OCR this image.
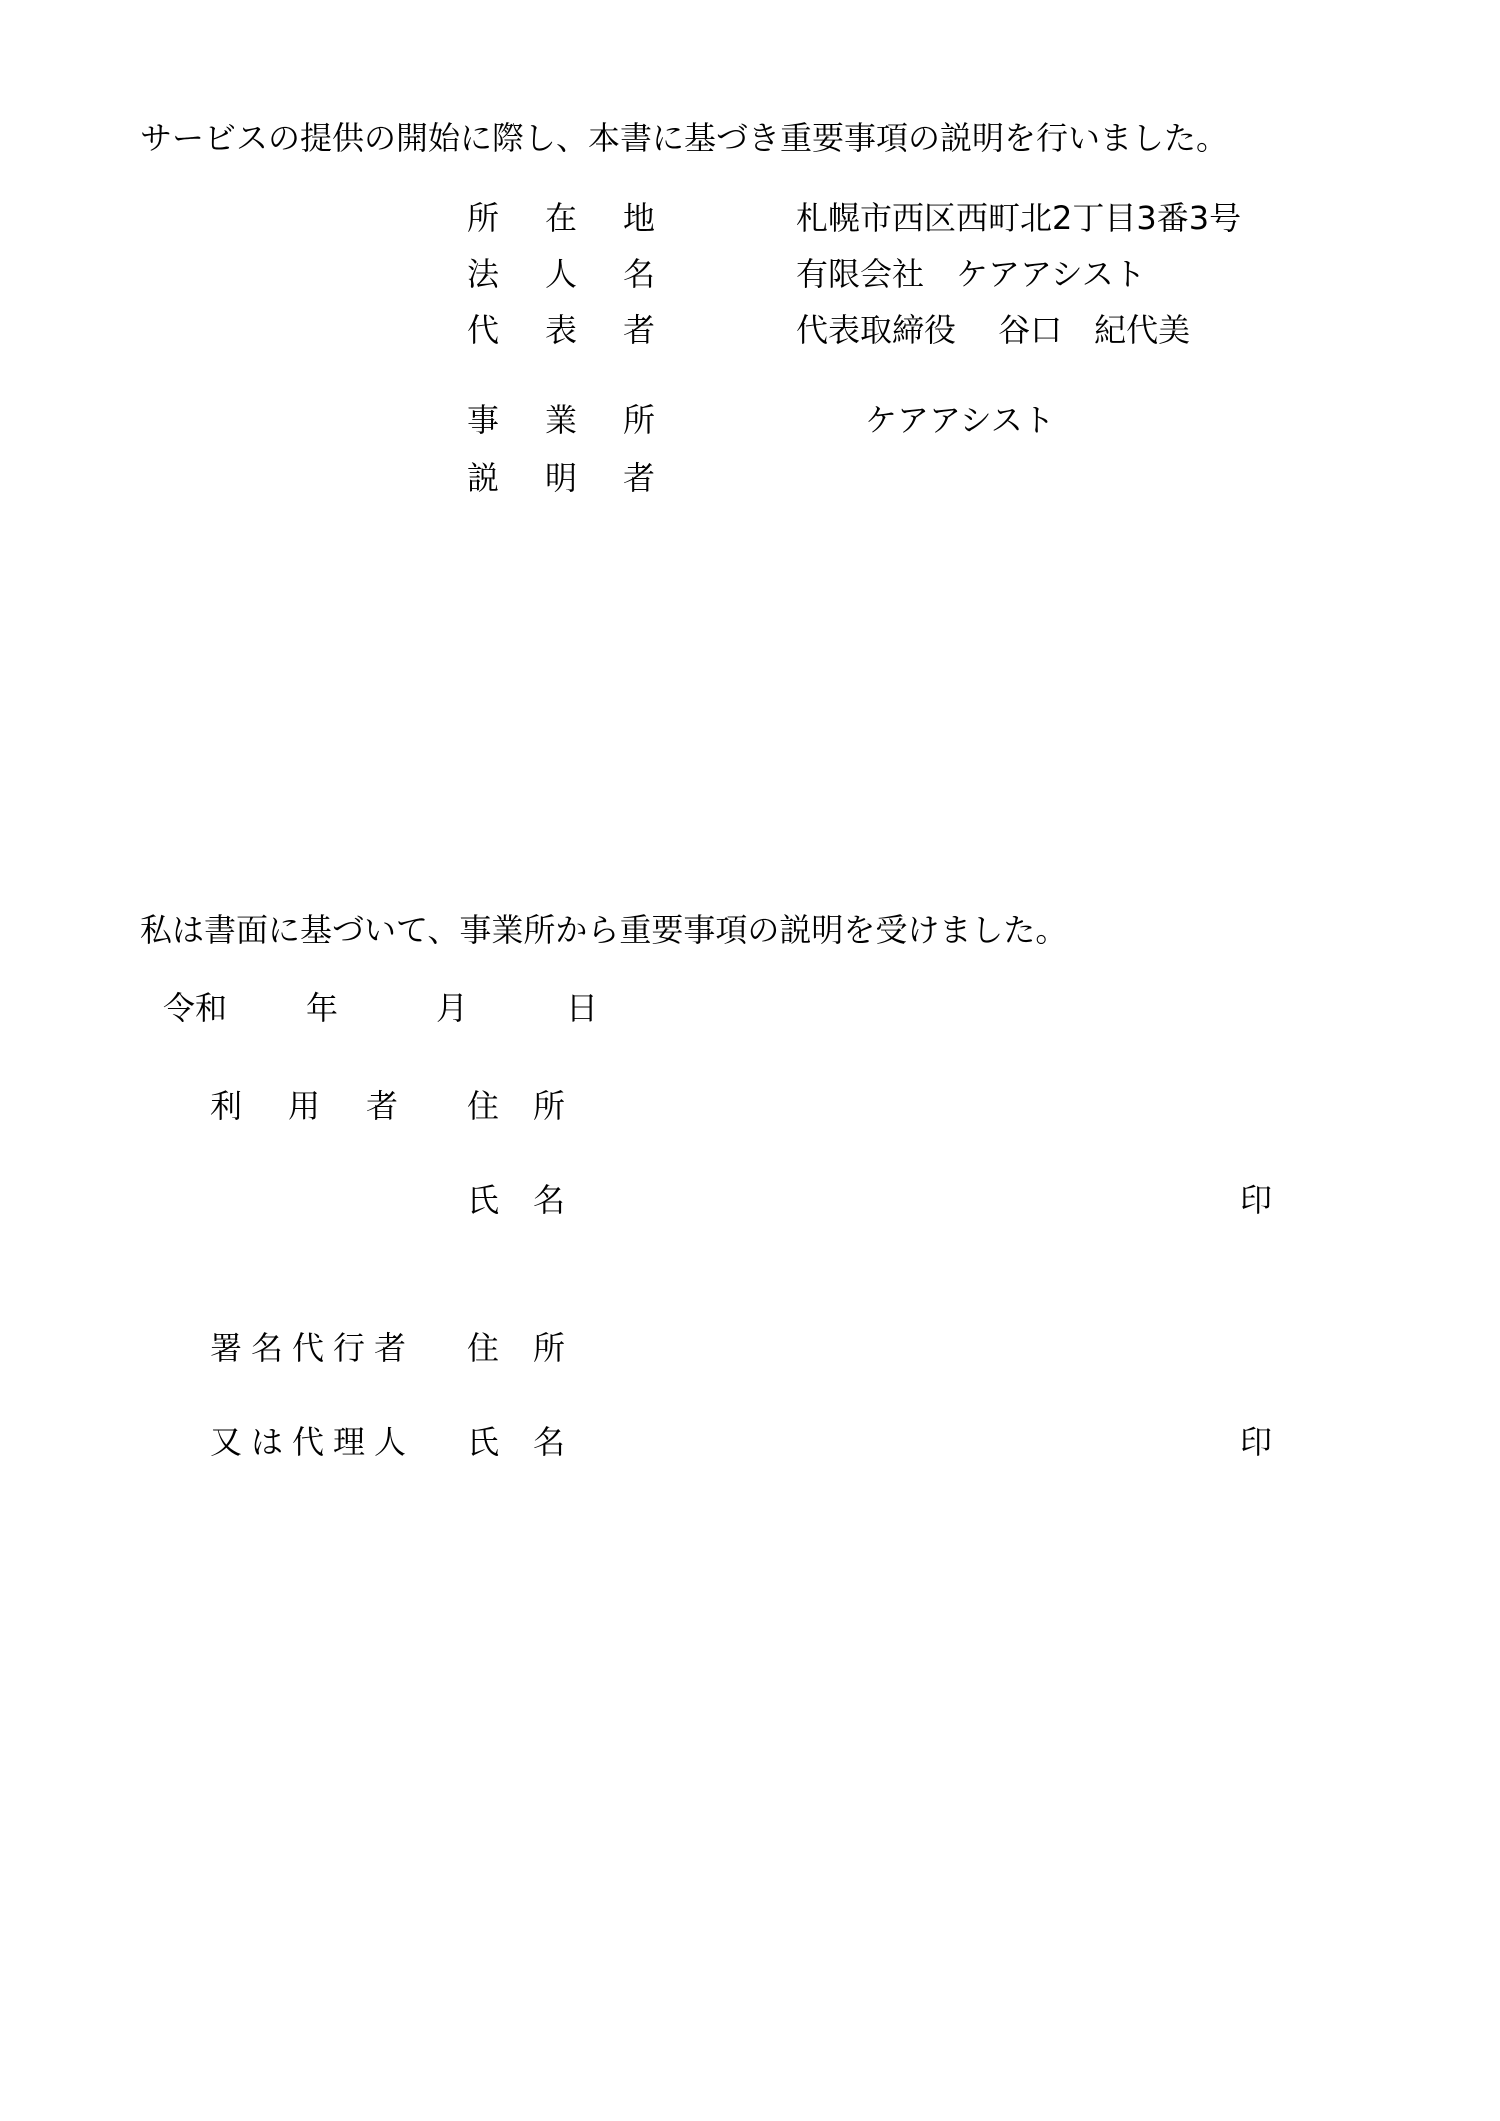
サービスの提供の開始に際し、本書に基づき重要事項の説明を行いました。
所在地	札幌市西区西町北2丁目3番3号
法人名	有限会社　ケアアシスト
代表者	代表取締役　 谷口　紀代美
事業所	ケアアシスト
説明者
私は書面に基づいて、事業所から重要事項の説明を受けました。
令和 年	月	日
利用者 住所
氏名	印
署名代行者 住所
又は代理人 氏名	印
